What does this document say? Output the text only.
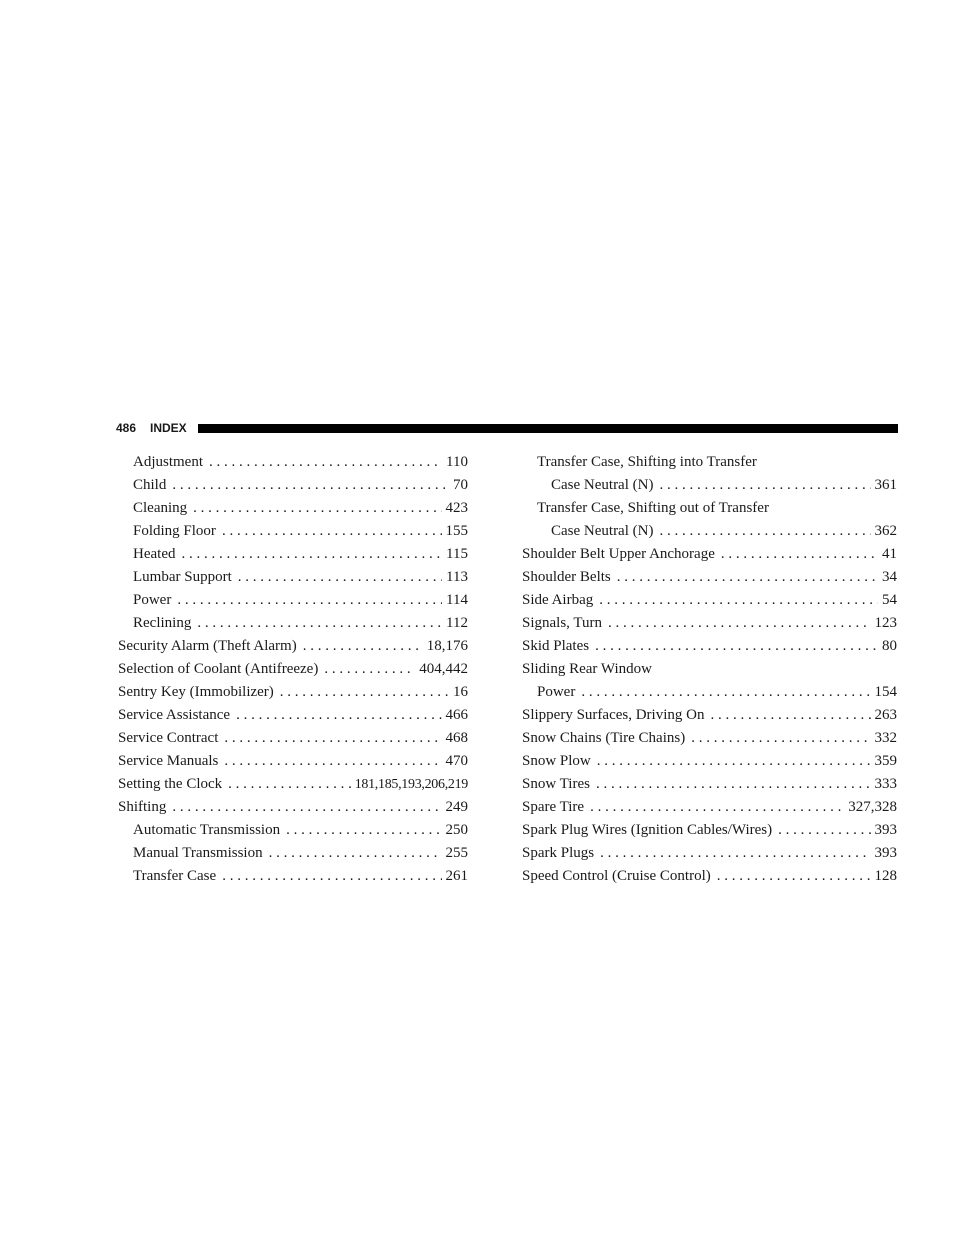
486 INDEX
Adjustment . . .	110
Child . . .	70
Cleaning . . .	423
Folding Floor . . .	155
Heated . . .	115
Lumbar Support . . .	113
Power . . .	114
Reclining . . .	112
Security Alarm (Theft Alarm) . . .	18,176
Selection of Coolant (Antifreeze) . . .	404,442
Sentry Key (Immobilizer) . . .	16
Service Assistance . . .	466
Service Contract . . .	468
Service Manuals . . .	470
Setting the Clock . . .	181,185,193,206,219
Shifting . . .	249
Automatic Transmission . . .	250
Manual Transmission . . .	255
Transfer Case . . .	261
Transfer Case, Shifting into Transfer
Case Neutral (N) . . .	361
Transfer Case, Shifting out of Transfer
Case Neutral (N) . . .	362
Shoulder Belt Upper Anchorage . . .	41
Shoulder Belts . . .	34
Side Airbag . . .	54
Signals, Turn . . .	123
Skid Plates . . .	80
Sliding Rear Window
Power . . .	154
Slippery Surfaces, Driving On . . .	263
Snow Chains (Tire Chains) . . .	332
Snow Plow . . .	359
Snow Tires . . .	333
Spare Tire . . .	327,328
Spark Plug Wires (Ignition Cables/Wires) . . .	393
Spark Plugs . . .	393
Speed Control (Cruise Control) . . .	128
